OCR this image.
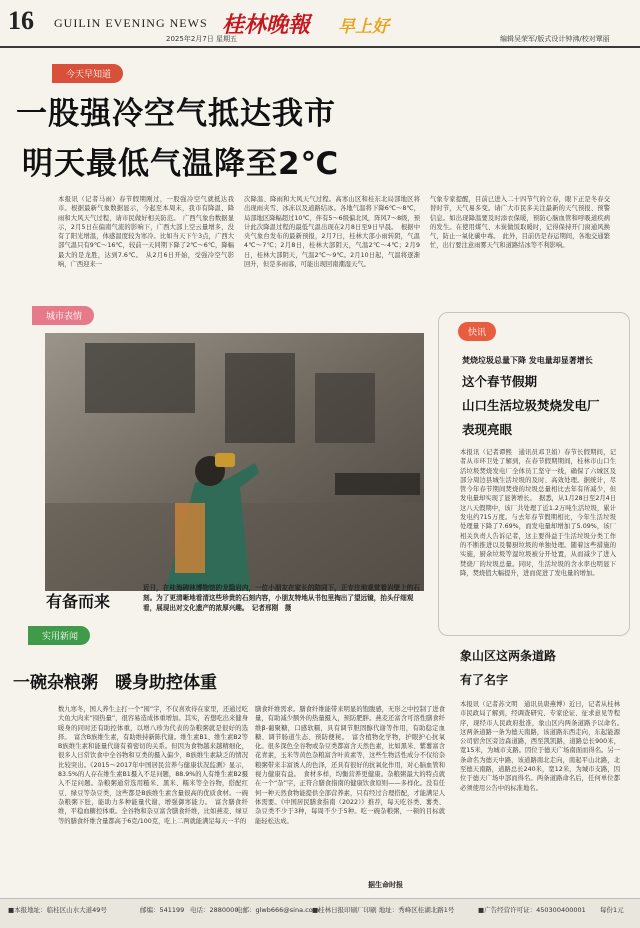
16 GUILIN EVENING NEWS
2025年2月7日 星期五
桂林晚報 早上好
编辑吴荣军/版式设计钟沸/校对覃丽
今天早知道
一股强冷空气抵达我市
明天最低气温降至2℃
本报讯（记者马雨）春节假期刚过，一股强冷空气就抵达我市。根据最新气象数据显示，今起至本周末，我市有降温、降雨和大风天气过程，请市民做好相关防范。　广西气象台数据显示，2月5日在偏南气流的影响下，广西大部上空云量增多，没有了阳光增温，体感温度较为寒冷。比如当天下午3点，广西大部气温只有9℃～16℃，较前一天同期下降了2℃～6℃，降幅最大的是龙胜，达到7.6℃。　从2月6日开始，受强冷空气影响，广西迎来一
次降温、降雨和大风天气过程。高寒山区和桂东北局部地区将出现雨夹雪、冰冻以及道路结冰。各地气温将下降6℃～8℃，局部地区降幅超过10℃，伴有5～6级偏北风，阵风7～8级，预计此次降温过程的最低气温出现在2月8日至9日早晨。　根据中央气象台发布的最新预报，2月7日，桂林大部小雨转阴，气温4℃～7℃；2月8日，桂林大部阴天，气温2℃～4℃；2月9日，桂林大部阴天，气温2℃～9℃。2月10日起，气温将逐渐回升，但是多雨寡，可能出现回南潮湿天气。
气象专家提醒，目前已进入二十四节气的立春，眼下正是冬春交替时节，天气易多变。请广大市民多关注最新的天气预报、预警信息。如出现降温要及时添衣保暖，预防心脑血管和呼吸道疾病的发生。在使用煤气、木炭做饭取暖时，记得保持开门窗通风换气，防止一氧化碳中毒。　此外，目前仍是春运期间，各地交通繁忙，出行要注意雨雾天气和道路结冰等不利影响。
城市表情
有备而来
近日，在桂海碑林博物馆的龙隐岩内，一位小朋友在家长的陪同下，正专注地观赏着岩壁上的石刻。为了更清晰地看清这些珍贵的石刻内容，小朋友特地从书包里掏出了望远镜，抬头仔细观看，展现出对文化遗产的浓厚兴趣。　记者邢刚　摄
快讯
焚烧垃圾总量下降 发电量却显著增长
这个春节假期
山口生活垃圾焚烧发电厂
表现亮眼
本报讯（记者谭熙　通讯员邓卫娟）春节长假期间，记者从市环卫处了解到，在春节假期期间，桂林市山口生活垃圾焚烧发电厂全体员工坚守一线，确保了六城区及部分周边县城生活垃圾的及时、高效处理。据统计，尽管今年春节期间焚烧的垃圾总量相比去年有所减少，但发电量却实现了显著增长。　据悉，从1月28日至2月4日这八天假期中，该厂共处理了近1.2万吨生活垃圾，累计发电约715万度。与去年春节假期相比，今年生活垃圾处理量下降了7.69%，而发电量却增加了5.09%，该厂相关负责人告诉记者，这主要得益于生活垃圾分类工作的不断推进以及餐厨垃圾的单独处理。随着这些措施的实施，厨余垃圾等湿垃圾被分开处置，从而减少了进入焚烧厂的垃圾总量。同时，生活垃圾的含水率也明显下降，焚烧值大幅提升，进而促进了发电量的增加。
实用新闻
一碗杂粮粥　暖身助控体重
数九寒冬，国人养生主打一个“囤”字，不仅喜欢待在家里，还通过吃大鱼大肉来“囤热量”，很容易造成体重增加。其实，若想吃出来健身暖身的同时还有助控体重，以增八珍为代表的杂粮粥就是很好的选择。　富含B族维生素，有助维持新陈代谢。维生素B1、维生素B2等B族维生素和能量代谢有着密切的关系。但因为食物越来越精细化，很多人日常饮食中全谷物和豆类的摄入偏少，B族维生素缺乏的情况比较突出。《2015～2017年中国居民营养与健康状况监测》显示，83.5%的人存在维生素B1摄入不足问题，88.9%的人有维生素B2摄入不足问题。杂粮粥通常选用糙米、黑米、糯米等全谷物，搭配红豆、绿豆等杂豆类，这些都是B族维生素含量很高的优质食材。一碗杂粮粥下肚，能助力多种能量代谢，增强御寒能力。　富含膳食纤维，平稳血糖控体重。全谷物和杂豆富含膳食纤维，比如燕麦、绿豆等的膳食纤维含量都高于6克/100克，吃上二两就能满足每天一半的
膳食纤维需求。膳食纤维能带来明显的饱腹感，无形之中控制了进食量，有助减少额外的热量摄入，预防肥胖。燕麦还富含可溶性膳食纤维β-葡聚糖，口感软糯，具有调节胆固醇代谢等作用，有助稳定血糖、调节肠道生态、预防便秘。　富含植物化学物，护眼护心抗氧化。很多深色全谷物或杂豆类都富含天然色素，比如黑米、紫薯富含花青素，玉米等黄色杂粮富含叶黄素等，这些生物活性成分不仅给杂粮粥带来丰富诱人的色泽，还具有很好的抗氧化作用，对心脑血管和视力健康有益。　食材多样，均衡营养更健康。杂粮粥最大的特点就在一个“杂”字，正符合膳食指南的健康饮食原则——多样化。没有任何一种天然食物能提供全部营养素，只有经过合理搭配，才能满足人体需要。《中国居民膳食指南（2022）》推荐，每天吃谷类、薯类、杂豆类不少于3种，每周不少于5种。吃一碗杂粮粥，一顿的目标就能轻松达成。
据生命时报
象山区这两条道路
有了名字
本报讯（记者苏文明　通讯员唐燕博）近日，记者从桂林市民政局了解到，经调查研究、专家论证、征求意见等程序，现经市人民政府批准，象山区内两条道路予以命名。　这两条道路一条为德天南路，该道路东西走向，东起能源公司宿舍区旁边森道路，西至凯凯路，道路总长900米，宽15米，为城市支路。因位于德天广场南面而得名。另一条命名为德天中路，该道路南北走向，南起平山北路，北至德天南路，道路总长240米，宽12米，为城市支路，因位于德天广场中部而得名。两条道路命名后，任何单位都必须使用公告中的标准地名。
■本报地址：临桂区山水大道49号	邮编：541199 电话：2880000
电邮：glwb666@sina.com
■桂林日报印刷厂印刷 地址：秀峰区桂湖北路1号	■广告经营许可证：450300400001 每份1元
